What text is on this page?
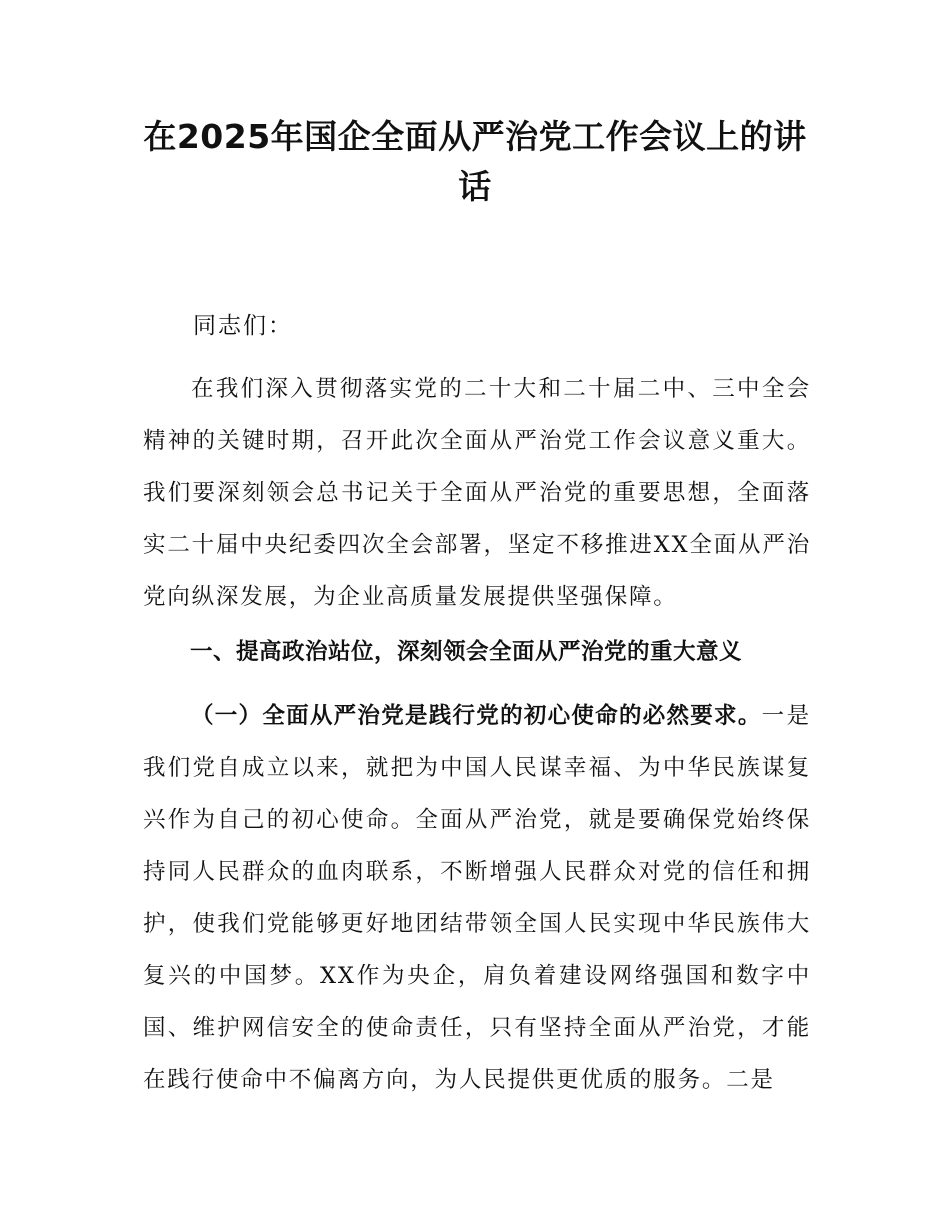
在2025年国企全面从严治党工作会议上的讲话
同志们：

在我们深入贯彻落实党的二十大和二十届二中、三中全会精神的关键时期，召开此次全面从严治党工作会议意义重大。我们要深刻领会总书记关于全面从严治党的重要思想，全面落实二十届中央纪委四次全会部署，坚定不移推进XX全面从严治党向纵深发展，为企业高质量发展提供坚强保障。

一、提高政治站位，深刻领会全面从严治党的重大意义

（一）全面从严治党是践行党的初心使命的必然要求。一是我们党自成立以来，就把为中国人民谋幸福、为中华民族谋复兴作为自己的初心使命。全面从严治党，就是要确保党始终保持同人民群众的血肉联系，不断增强人民群众对党的信任和拥护，使我们党能够更好地团结带领全国人民实现中华民族伟大复兴的中国梦。XX作为央企，肩负着建设网络强国和数字中国、维护网信安全的使命责任，只有坚持全面从严治党，才能在践行使命中不偏离方向，为人民提供更优质的服务。二是
